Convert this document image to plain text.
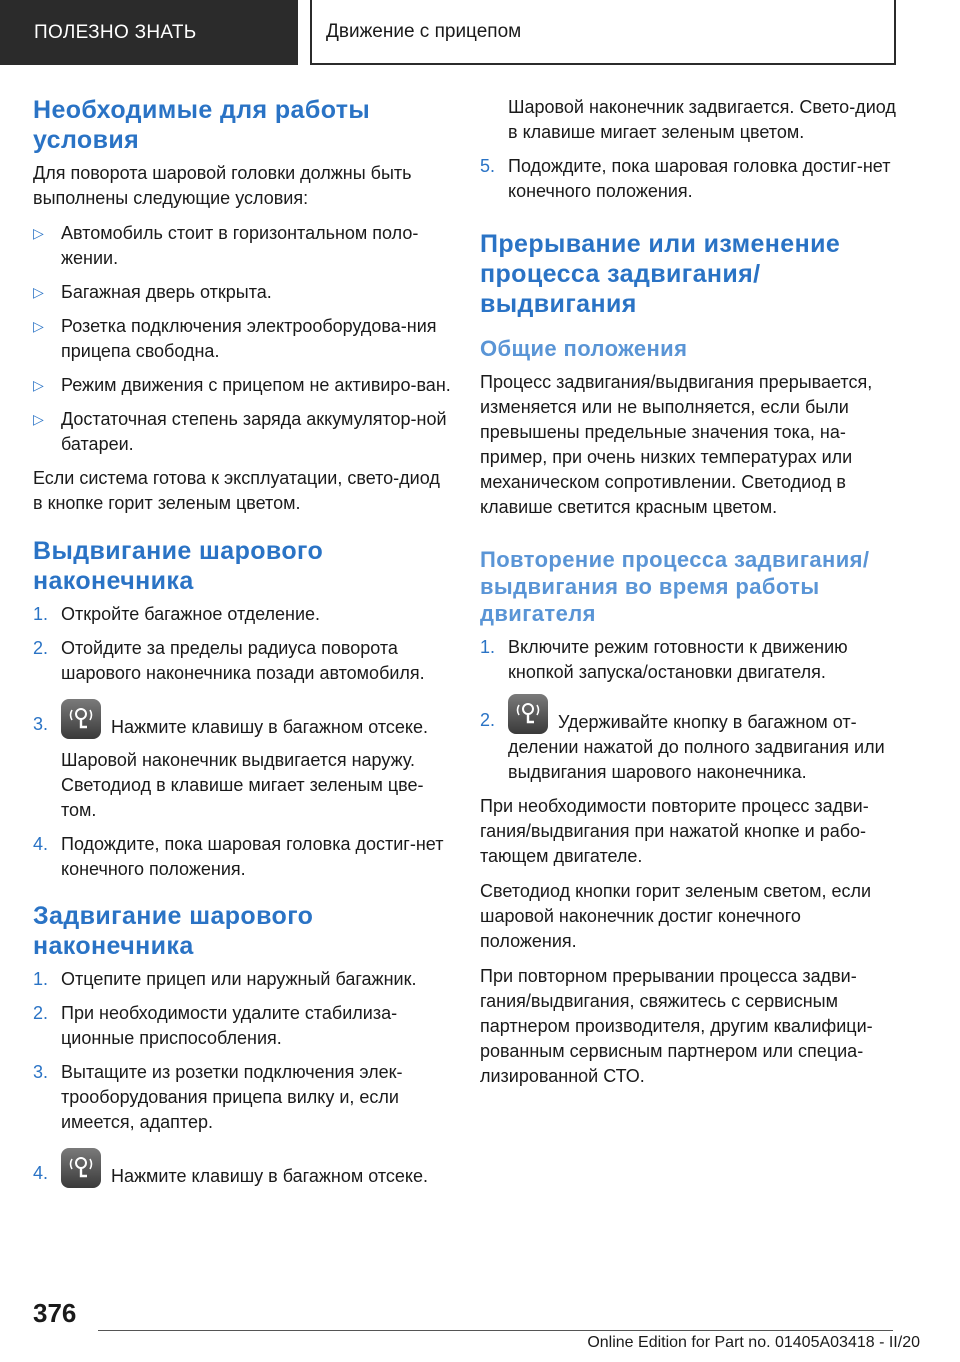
ПОЛЕЗНО ЗНАТЬ	Движение с прицепом
Необходимые для работы
условия

Для поворота шаровой головки должны быть выполнены следующие условия:

▷ Автомобиль стоит в горизонтальном поло-жении.
▷ Багажная дверь открыта.
▷ Розетка подключения электрооборудова-ния прицепа свободна.
▷ Режим движения с прицепом не активиро-ван.
▷ Достаточная степень заряда аккумулятор-ной батареи.

Если система готова к эксплуатации, свето-диод в кнопке горит зеленым цветом.

Выдвигание шарового
наконечника
1. Откройте багажное отделение.
2. Отойдите за пределы радиуса поворота шарового наконечника позади автомобиля.
3.	Нажмите клавишу в багажном отсеке.
Шаровой наконечник выдвигается наружу. Светодиод в клавише мигает зеленым цве-том.
4. Подождите, пока шаровая головка достиг-нет конечного положения.
Задвигание шарового
наконечника
1. Отцепите прицеп или наружный багажник.
2. При необходимости удалите стабилиза-ционные приспособления.
3. Вытащите из розетки подключения элек-трооборудования прицепа вилку и, если имеется, адаптер.
4.	Нажмите клавишу в багажном отсеке.
Шаровой наконечник задвигается. Свето-диод в клавише мигает зеленым цветом.
5. Подождите, пока шаровая головка достиг-нет конечного положения.
Прерывание или изменение
процесса задвигания/
выдвигания
Общие положения

Процесс задвигания/выдвигания прерывается, изменяется или не выполняется, если были превышены предельные значения тока, на-пример, при очень низких температурах или механическом сопротивлении. Светодиод в клавише светится красным цветом.

Повторение процесса задвигания/
выдвигания во время работы
двигателя
1. Включите режим готовности к движению кнопкой запуска/остановки двигателя.
2.	Удерживайте кнопку в багажном от-делении нажатой до полного задвигания или выдвигания шарового наконечника.

При необходимости повторите процесс задви-гания/выдвигания при нажатой кнопке и рабо-тающем двигателе.

Светодиод кнопки горит зеленым светом, если шаровой наконечник достиг конечного положения.

При повторном прерывании процесса задви-гания/выдвигания, свяжитесь с сервисным партнером производителя, другим квалифици-рованным сервисным партнером или специа-лизированной СТО.

376
Online Edition for Part no. 01405A03418 - II/20
